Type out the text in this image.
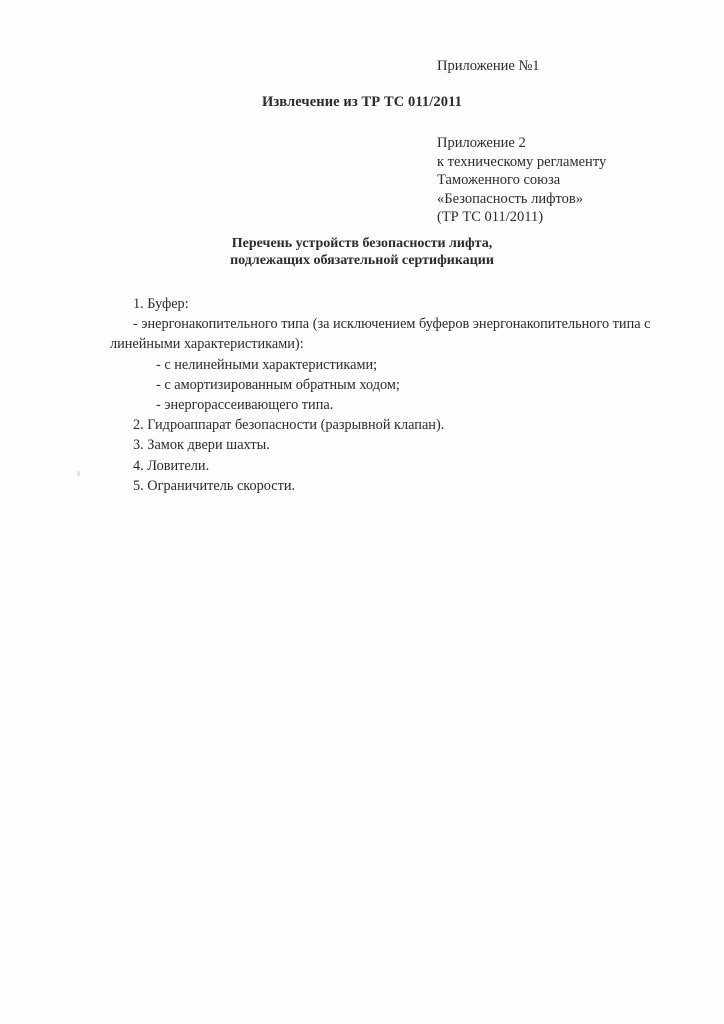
Приложение №1
Извлечение из ТР ТС 011/2011
Приложение 2
к техническому регламенту
Таможенного союза
«Безопасность лифтов»
(ТР ТС 011/2011)
Перечень устройств безопасности лифта,
подлежащих обязательной сертификации

1. Буфер:

- энергонакопительного типа (за исключением буферов энергонакопительного типа с линейными характеристиками):

- с нелинейными характеристиками;

- с амортизированным обратным ходом;

- энергорассеивающего типа.

2. Гидроаппарат безопасности (разрывной клапан).

3. Замок двери шахты.

4. Ловители.

5. Ограничитель скорости.
